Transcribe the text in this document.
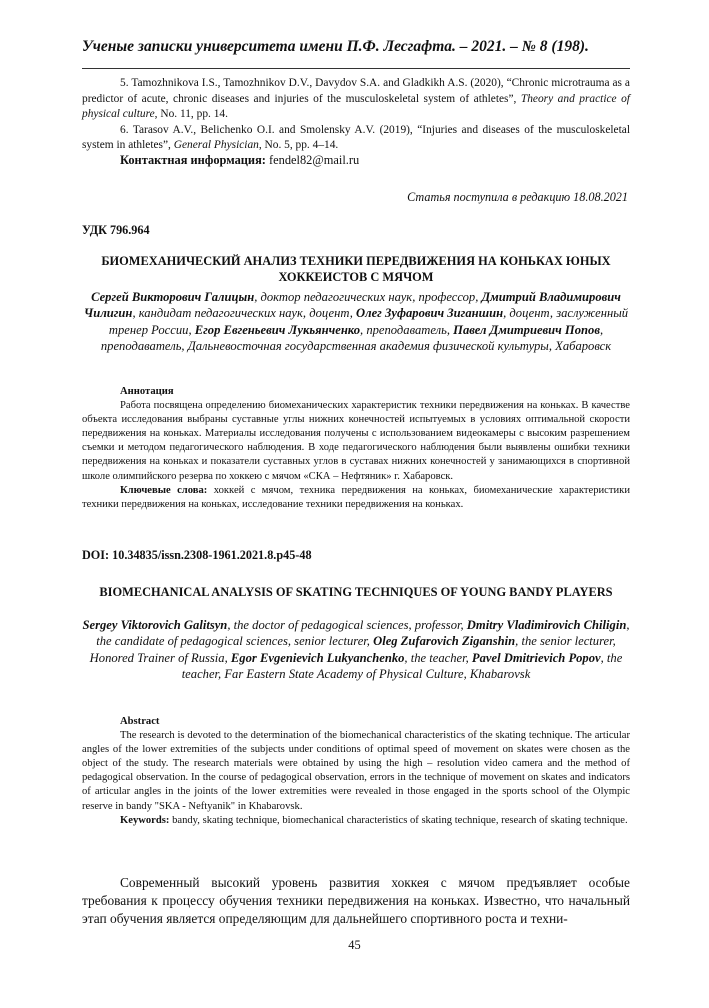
Ученые записки университета имени П.Ф. Лесгафта. – 2021. – № 8 (198).

5. Tamozhnikova I.S., Tamozhnikov D.V., Davydov S.A. and Gladkikh A.S. (2020), “Chronic microtrauma as a predictor of acute, chronic diseases and injuries of the musculoskeletal system of athletes”, Theory and practice of physical culture, No. 11, pp. 14.

6. Tarasov A.V., Belichenko O.I. and Smolensky A.V. (2019), “Injuries and diseases of the musculoskeletal system in athletes”, General Physician, No. 5, pp. 4–14.

Контактная информация: fendel82@mail.ru
Статья поступила в редакцию 18.08.2021
УДК 796.964
БИОМЕХАНИЧЕСКИЙ АНАЛИЗ ТЕХНИКИ ПЕРЕДВИЖЕНИЯ НА КОНЬКАХ ЮНЫХ ХОККЕИСТОВ С МЯЧОМ
Сергей Викторович Галицын, доктор педагогических наук, профессор, Дмитрий Владимирович Чилигин, кандидат педагогических наук, доцент, Олег Зуфарович Зиганшин, доцент, заслуженный тренер России, Егор Евгеньевич Лукьянченко, преподаватель, Павел Дмитриевич Попов, преподаватель, Дальневосточная государственная академия физической культуры, Хабаровск

Аннотация

Работа посвящена определению биомеханических характеристик техники передвижения на коньках. В качестве объекта исследования выбраны суставные углы нижних конечностей испытуемых в условиях оптимальной скорости передвижения на коньках. Материалы исследования получены с использованием видеокамеры с высоким разрешением съемки и методом педагогического наблюдения. В ходе педагогического наблюдения были выявлены ошибки техники передвижения на коньках и показатели суставных углов в суставах нижних конечностей у занимающихся в спортивной школе олимпийского резерва по хоккею с мячом «СКА – Нефтяник» г. Хабаровск.

Ключевые слова: хоккей с мячом, техника передвижения на коньках, биомеханические характеристики техники передвижения на коньках, исследование техники передвижения на коньках.

DOI: 10.34835/issn.2308-1961.2021.8.p45-48
BIOMECHANICAL ANALYSIS OF SKATING TECHNIQUES OF YOUNG BANDY PLAYERS
Sergey Viktorovich Galitsyn, the doctor of pedagogical sciences, professor, Dmitry Vladimirovich Chiligin, the candidate of pedagogical sciences, senior lecturer, Oleg Zufarovich Ziganshin, the senior lecturer, Honored Trainer of Russia, Egor Evgenievich Lukyanchenko, the teacher, Pavel Dmitrievich Popov, the teacher, Far Eastern State Academy of Physical Culture, Khabarovsk

Abstract

The research is devoted to the determination of the biomechanical characteristics of the skating technique. The articular angles of the lower extremities of the subjects under conditions of optimal speed of movement on skates were chosen as the object of the study. The research materials were obtained by using the high – resolution video camera and the method of pedagogical observation. In the course of pedagogical observation, errors in the technique of movement on skates and indicators of articular angles in the joints of the lower extremities were revealed in those engaged in the sports school of the Olympic reserve in bandy "SKA - Neftyanik" in Khabarovsk.

Keywords: bandy, skating technique, biomechanical characteristics of skating technique, research of skating technique.

Современный высокий уровень развития хоккея с мячом предъявляет особые требования к процессу обучения техники передвижения на коньках. Известно, что начальный этап обучения является определяющим для дальнейшего спортивного роста и техни-
45
